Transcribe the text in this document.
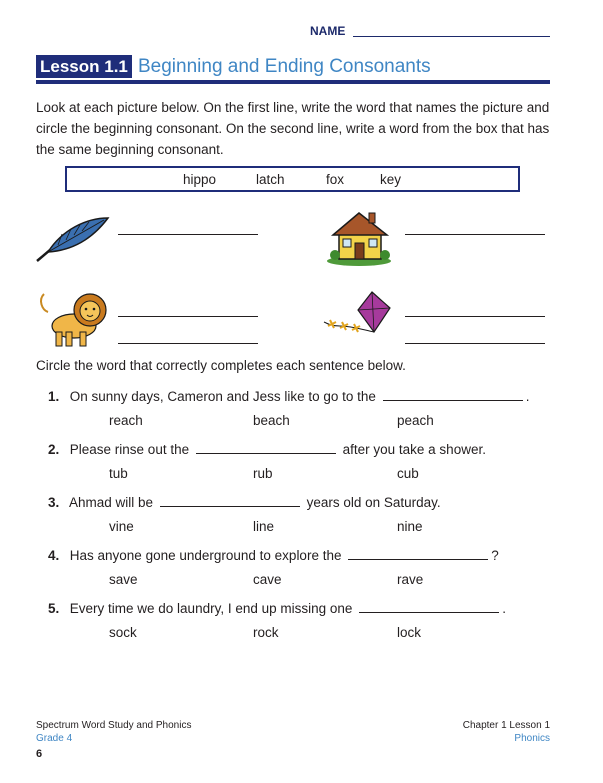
NAME
Lesson 1.1 Beginning and Ending Consonants

Look at each picture below. On the first line, write the word that names the picture and circle the beginning consonant. On the second line, write a word from the box that has the same beginning consonant.

hippo	latch	fox	key

Circle the word that correctly completes each sentence below.

1. On sunny days, Cameron and Jess like to go to the	.
reach	beach	peach
2. Please rinse out the	after you take a shower.
tub	rub	cub
3. Ahmad will be	years old on Saturday.
vine	line	nine
4. Has anyone gone underground to explore the	?
save	cave	rave
5. Every time we do laundry, I end up missing one	.
sock	rock	lock
Spectrum Word Study and Phonics
Grade 4
Chapter 1 Lesson 1
Phonics
6
